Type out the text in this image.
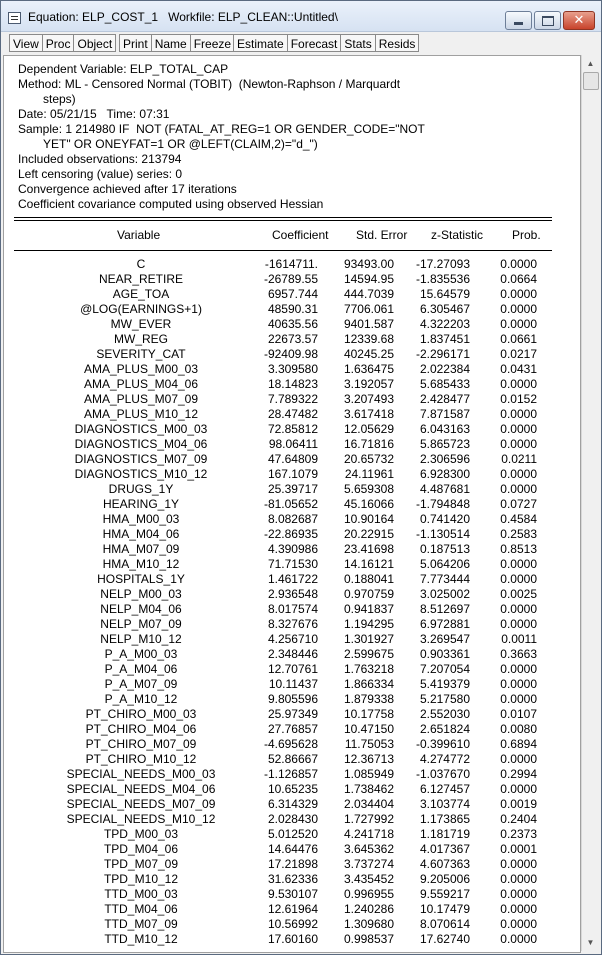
Equation: ELP_COST_1   Workfile: ELP_CLEAN::Untitled\	✕
View Proc Object Print Name Freeze Estimate Forecast Stats Resids
Dependent Variable: ELP_TOTAL_CAP
Method: ML - Censored Normal (TOBIT)  (Newton-Raphson / Marquardt
steps)
Date: 05/21/15   Time: 07:31
Sample: 1 214980 IF  NOT (FATAL_AT_REG=1 OR GENDER_CODE="NOT
YET" OR ONEYFAT=1 OR @LEFT(CLAIM,2)="d_")
Included observations: 213794
Left censoring (value) series: 0
Convergence achieved after 17 iterations
Coefficient covariance computed using observed Hessian
Variable	Coefficient Std. Error z-Statistic Prob.
C	-1614711. 93493.00 -17.27093	0.0000
NEAR_RETIRE	-26789.55 14594.95 -1.835536	0.0664
AGE_TOA	6957.744 444.7039 15.64579	0.0000
@LOG(EARNINGS+1)	48590.31 7706.061 6.305467	0.0000
MW_EVER	40635.56 9401.587 4.322203	0.0000
MW_REG	22673.57 12339.68 1.837451	0.0661
SEVERITY_CAT	-92409.98 40245.25 -2.296171	0.0217
AMA_PLUS_M00_03	3.309580 1.636475 2.022384	0.0431
AMA_PLUS_M04_06	18.14823 3.192057 5.685433	0.0000
AMA_PLUS_M07_09	7.789322 3.207493 2.428477	0.0152
AMA_PLUS_M10_12	28.47482 3.617418 7.871587	0.0000
DIAGNOSTICS_M00_03	72.85812 12.05629 6.043163	0.0000
DIAGNOSTICS_M04_06	98.06411 16.71816 5.865723	0.0000
DIAGNOSTICS_M07_09	47.64809 20.65732 2.306596	0.0211
DIAGNOSTICS_M10_12	167.1079 24.11961 6.928300	0.0000
DRUGS_1Y	25.39717 5.659308 4.487681	0.0000
HEARING_1Y	-81.05652 45.16066 -1.794848	0.0727
HMA_M00_03	8.082687 10.90164 0.741420	0.4584
HMA_M04_06	-22.86935 20.22915 -1.130514	0.2583
HMA_M07_09	4.390986 23.41698 0.187513	0.8513
HMA_M10_12	71.71530 14.16121 5.064206	0.0000
HOSPITALS_1Y	1.461722 0.188041 7.773444	0.0000
NELP_M00_03	2.936548 0.970759 3.025002	0.0025
NELP_M04_06	8.017574 0.941837 8.512697	0.0000
NELP_M07_09	8.327676 1.194295 6.972881	0.0000
NELP_M10_12	4.256710 1.301927 3.269547	0.0011
P_A_M00_03	2.348446 2.599675 0.903361	0.3663
P_A_M04_06	12.70761 1.763218 7.207054	0.0000
P_A_M07_09	10.11437 1.866334 5.419379	0.0000
P_A_M10_12	9.805596 1.879338 5.217580	0.0000
PT_CHIRO_M00_03	25.97349 10.17758 2.552030	0.0107
PT_CHIRO_M04_06	27.76857 10.47150 2.651824	0.0080
PT_CHIRO_M07_09	-4.695628 11.75053 -0.399610	0.6894
PT_CHIRO_M10_12	52.86667 12.36713 4.274772	0.0000
SPECIAL_NEEDS_M00_03	-1.126857 1.085949 -1.037670	0.2994
SPECIAL_NEEDS_M04_06	10.65235 1.738462 6.127457	0.0000
SPECIAL_NEEDS_M07_09	6.314329 2.034404 3.103774	0.0019
SPECIAL_NEEDS_M10_12	2.028430 1.727992 1.173865	0.2404
TPD_M00_03	5.012520 4.241718 1.181719	0.2373
TPD_M04_06	14.64476 3.645362 4.017367	0.0001
TPD_M07_09	17.21898 3.737274 4.607363	0.0000
TPD_M10_12	31.62336 3.435452 9.205006	0.0000
TTD_M00_03	9.530107 0.996955 9.559217	0.0000
TTD_M04_06	12.61964 1.240286 10.17479	0.0000
TTD_M07_09	10.56992 1.309680 8.070614	0.0000
TTD_M10_12	17.60160 0.998537 17.62740	0.0000
▲
▼
